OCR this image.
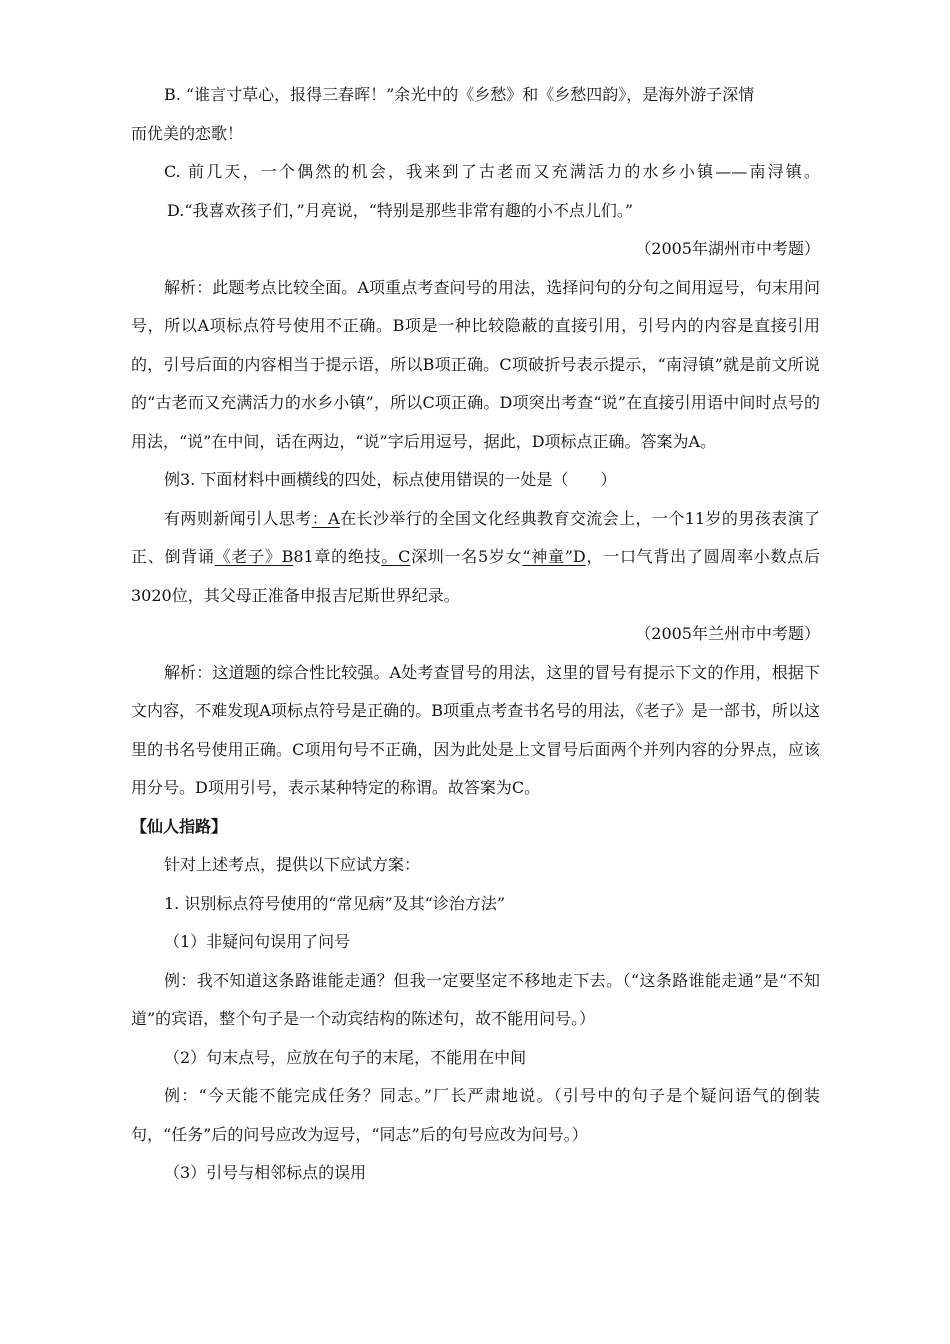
B. “谁言寸草心，报得三春晖！”余光中的《乡愁》和《乡愁四韵》，是海外游子深情
而优美的恋歌！
C. 前几天，一个偶然的机会，我来到了古老而又充满活力的水乡小镇——南浔镇。D.“我喜欢孩子们，”月亮说，“特别是那些非常有趣的小不点儿们。”
（2005年湖州市中考题）
解析：此题考点比较全面。A项重点考查问号的用法，选择问句的分句之间用逗号，句末用问号，所以A项标点符号使用不正确。B项是一种比较隐蔽的直接引用，引号内的内容是直接引用的，引号后面的内容相当于提示语，所以B项正确。C项破折号表示提示，“南浔镇”就是前文所说的“古老而又充满活力的水乡小镇”，所以C项正确。D项突出考查“说”在直接引用语中间时点号的用法，“说”在中间，话在两边，“说”字后用逗号，据此，D项标点正确。答案为A。
例3. 下面材料中画横线的四处，标点使用错误的一处是（　　）
有两则新闻引人思考：A在长沙举行的全国文化经典教育交流会上，一个11岁的男孩表演了正、倒背诵《老子》B81章的绝技。C深圳一名5岁女“神童”D，一口气背出了圆周率小数点后3020位，其父母正准备申报吉尼斯世界纪录。
（2005年兰州市中考题）
解析：这道题的综合性比较强。A处考查冒号的用法，这里的冒号有提示下文的作用，根据下文内容，不难发现A项标点符号是正确的。B项重点考查书名号的用法，《老子》是一部书，所以这里的书名号使用正确。C项用句号不正确，因为此处是上文冒号后面两个并列内容的分界点，应该用分号。D项用引号，表示某种特定的称谓。故答案为C。
【仙人指路】
针对上述考点，提供以下应试方案：
1. 识别标点符号使用的“常见病”及其“诊治方法”
（1）非疑问句误用了问号
例：我不知道这条路谁能走通？但我一定要坚定不移地走下去。（“这条路谁能走通”是“不知道”的宾语，整个句子是一个动宾结构的陈述句，故不能用问号。）
（2）句末点号，应放在句子的末尾，不能用在中间
例：“今天能不能完成任务？同志。”厂长严肃地说。（引号中的句子是个疑问语气的倒装句，“任务”后的问号应改为逗号，“同志”后的句号应改为问号。）
（3）引号与相邻标点的误用
